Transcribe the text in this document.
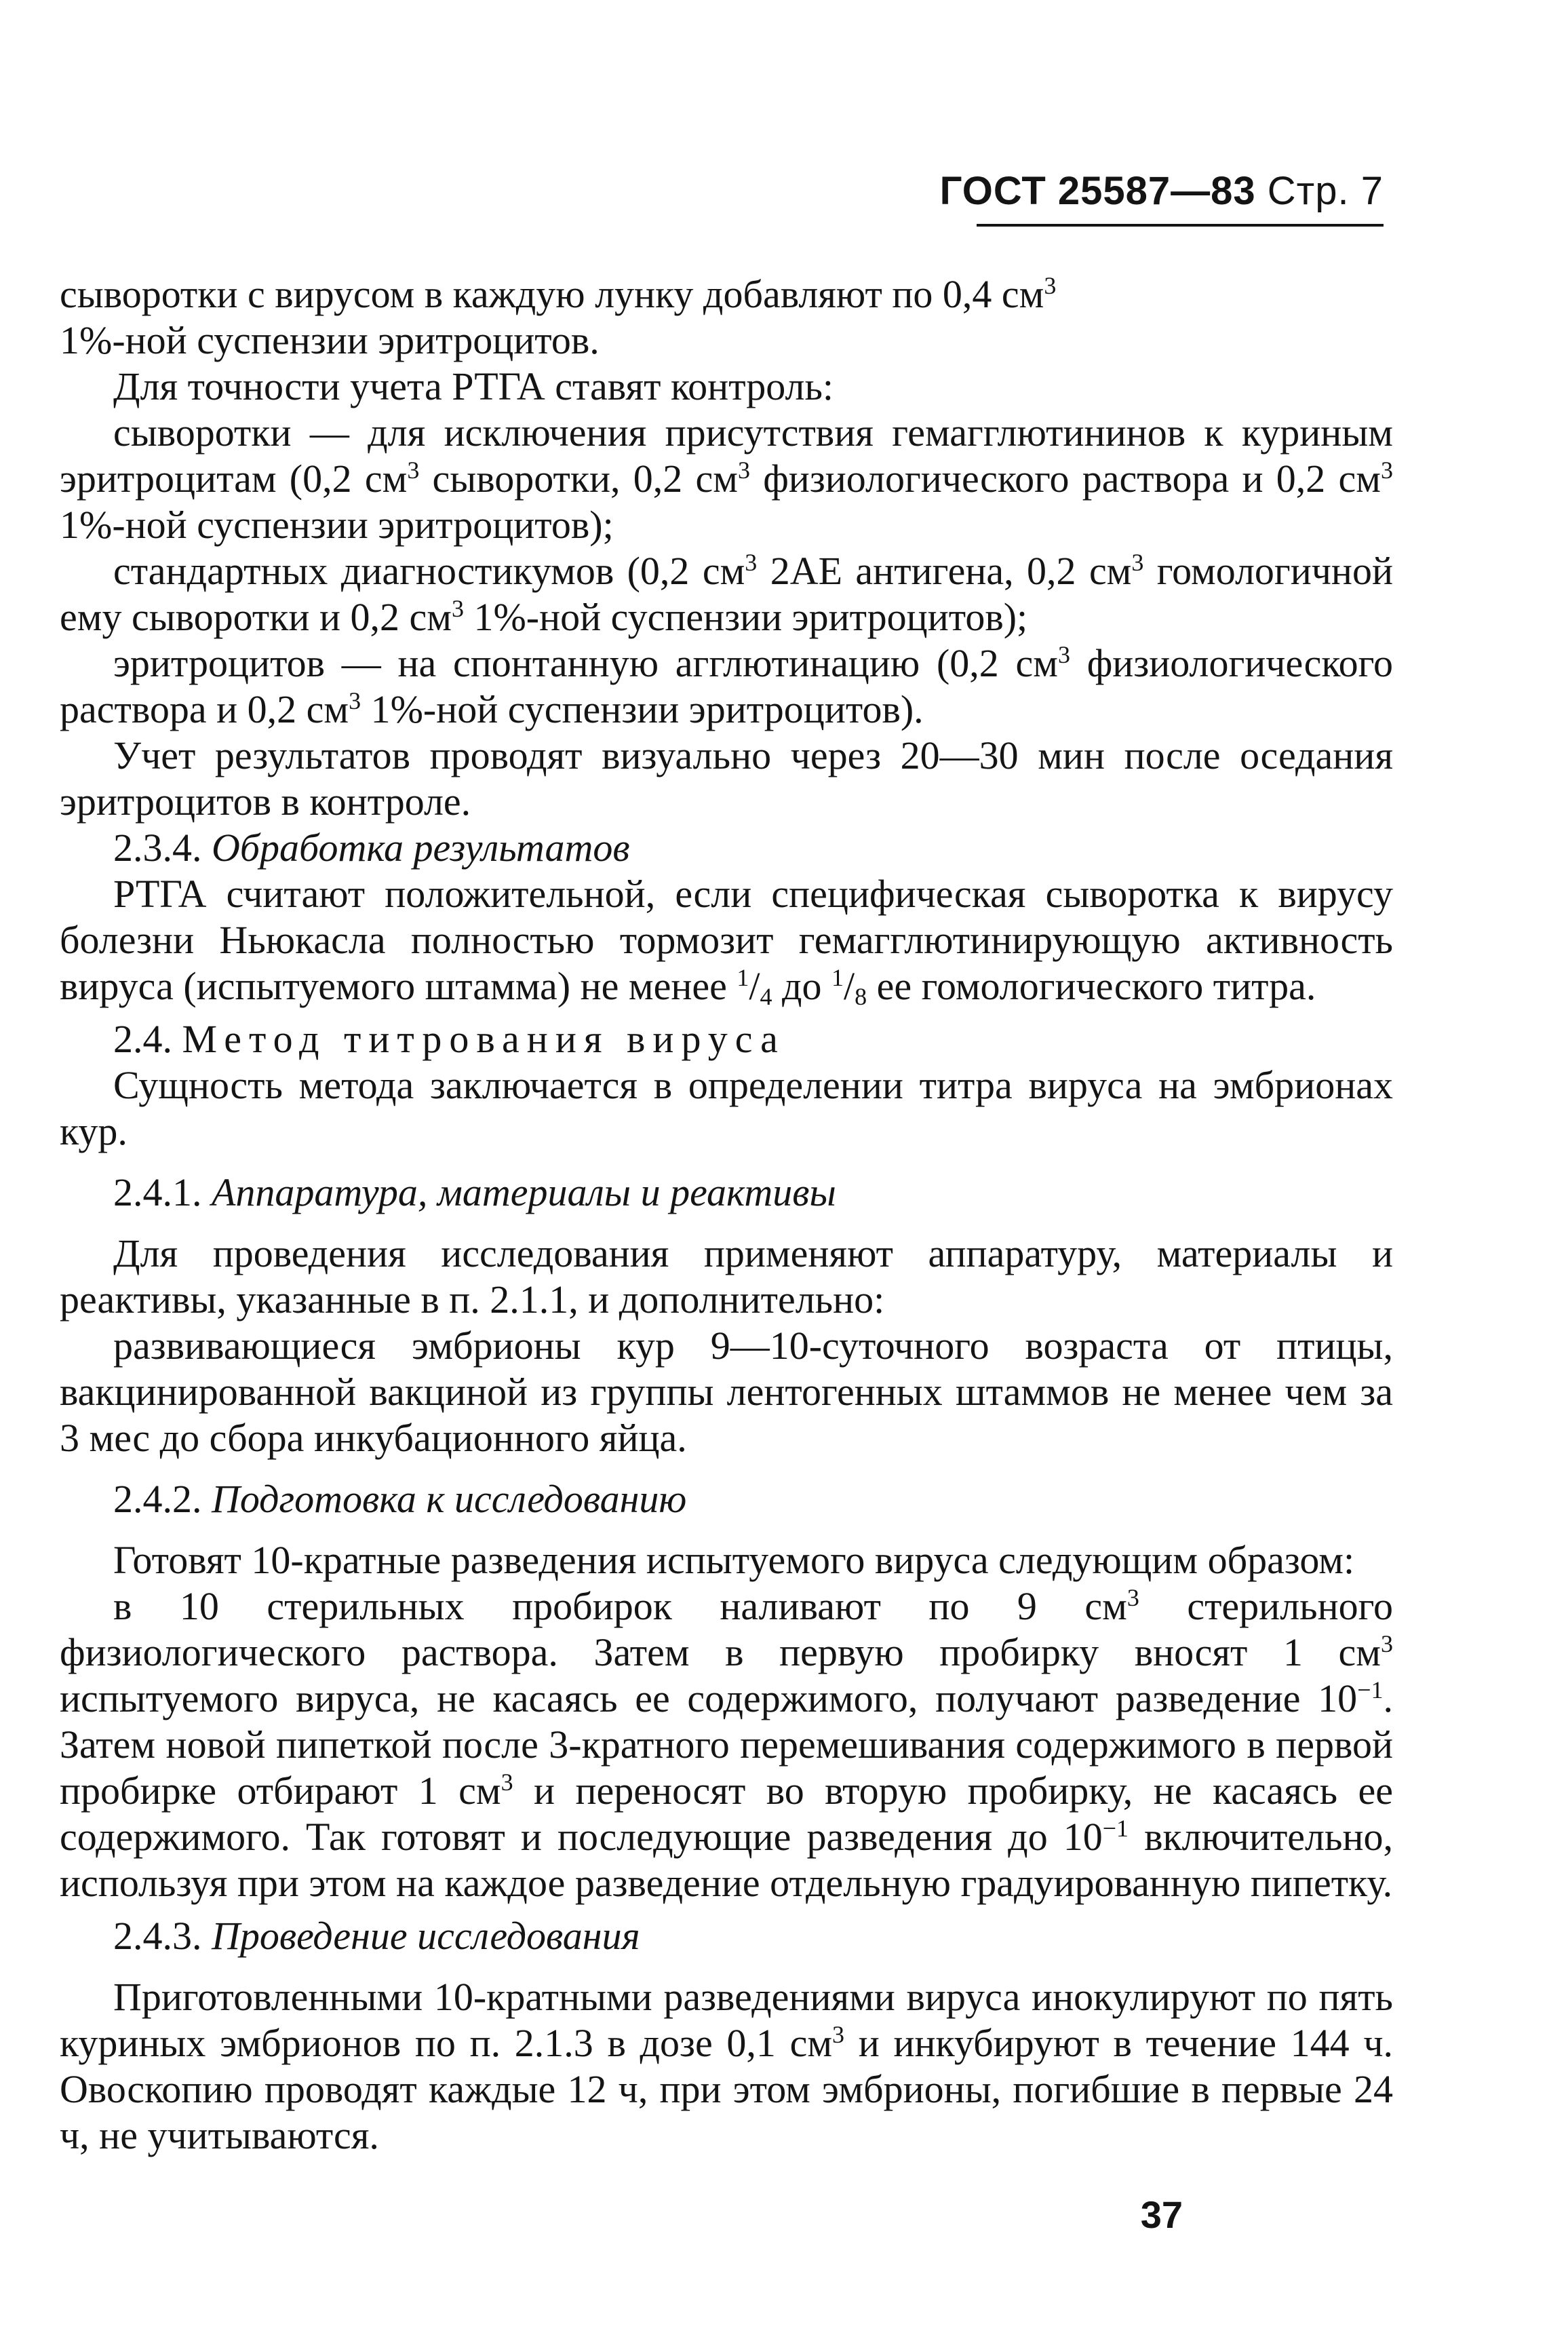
ГОСТ 25587—83 Стр. 7

сыворотки с вирусом в каждую лунку добавляют по 0,4 $см^3$
1%-ной суспензии эритроцитов.

Для точности учета РТГА ставят контроль:

сыворотки — для исключения присутствия гемагглютининов к куриным эритроцитам (0,2 $см^3$ сыворотки, 0,2 $см^3$ физиологического раствора и 0,2 $см^3$ 1%-ной суспензии эритроцитов);

стандартных диагностикумов (0,2 $см^3$ 2АЕ антигена, 0,2 $см^3$ гомологичной ему сыворотки и 0,2 $см^3$ 1%-ной суспензии эритроцитов);

эритроцитов — на спонтанную агглютинацию (0,2 $см^3$ физиологического раствора и 0,2 $см^3$ 1%-ной суспензии эритроцитов).

Учет результатов проводят визуально через 20—30 мин после оседания эритроцитов в контроле.

2.3.4. Обработка результатов

РТГА считают положительной, если специфическая сыворотка к вирусу болезни Ньюкасла полностью тормозит гемагглютинирующую активность вируса (испытуемого штамма) не менее $^1/_4$ до $^1/_8$ ее гомологического титра.

2.4. Метод титрования вируса

Сущность метода заключается в определении титра вируса на эмбрионах кур.

2.4.1. Аппаратура, материалы и реактивы

Для проведения исследования применяют аппаратуру, материалы и реактивы, указанные в п. 2.1.1, и дополнительно:

развивающиеся эмбрионы кур 9—10-суточного возраста от птицы, вакцинированной вакциной из группы лентогенных штаммов не менее чем за 3 мес до сбора инкубационного яйца.

2.4.2. Подготовка к исследованию

Готовят 10-кратные разведения испытуемого вируса следующим образом:

в 10 стерильных пробирок наливают по 9 $см^3$ стерильного физиологического раствора. Затем в первую пробирку вносят 1 $см^3$ испытуемого вируса, не касаясь ее содержимого, получают разведение $10^{-1}$. Затем новой пипеткой после 3-кратного перемешивания содержимого в первой пробирке отбирают 1 $см^3$ и переносят во вторую пробирку, не касаясь ее содержимого. Так готовят и последующие разведения до $10^{-1}$ включительно, используя при этом на каждое разведение отдельную градуированную пипетку.

2.4.3. Проведение исследования

Приготовленными 10-кратными разведениями вируса инокулируют по пять куриных эмбрионов по п. 2.1.3 в дозе 0,1 $см^3$ и инкубируют в течение 144 ч. Овоскопию проводят каждые 12 ч, при этом эмбрионы, погибшие в первые 24 ч, не учитываются.

37
